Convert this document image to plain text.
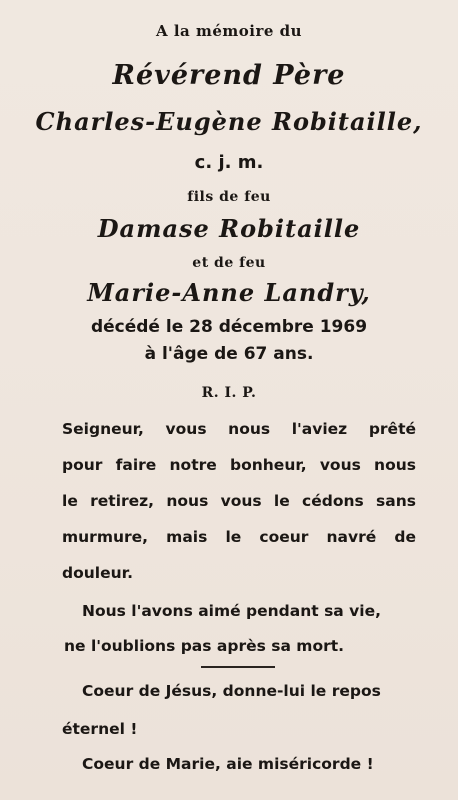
A la mémoire du
Révérend Père
Charles-Eugène Robitaille,
c. j. m.
fils de feu
Damase Robitaille
et de feu
Marie-Anne Landry,
décédé le 28 décembre 1969
à l'âge de 67 ans.
R. I. P.
Seigneur, vous nous l'aviez prêté
pour faire notre bonheur, vous nous
le retirez, nous vous le cédons sans
murmure, mais le coeur navré de
douleur.
Nous l'avons aimé pendant sa vie,
ne l'oublions pas après sa mort.
Coeur de Jésus, donne-lui le repos
éternel !
Coeur de Marie, aie miséricorde !
